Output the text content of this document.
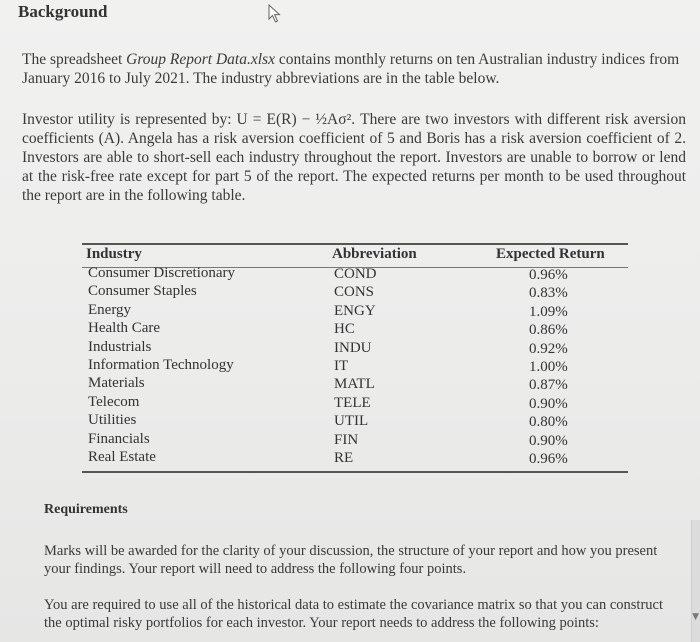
Background
The spreadsheet Group Report Data.xlsx contains monthly returns on ten Australian industry indices from January 2016 to July 2021. The industry abbreviations are in the table below.
Investor utility is represented by: U = E(R) − ½Aσ². There are two investors with different risk aversion coefficients (A). Angela has a risk aversion coefficient of 5 and Boris has a risk aversion coefficient of 2. Investors are able to short-sell each industry throughout the report. Investors are unable to borrow or lend at the risk-free rate except for part 5 of the report. The expected returns per month to be used throughout the report are in the following table.
Industry	Abbreviation	Expected Return
Consumer Discretionary	COND	0.96%
Consumer Staples	CONS	0.83%
Energy	ENGY	1.09%
Health Care	HC	0.86%
Industrials	INDU	0.92%
Information Technology	IT	1.00%
Materials	MATL	0.87%
Telecom	TELE	0.90%
Utilities	UTIL	0.80%
Financials	FIN	0.90%
Real Estate	RE	0.96%
Requirements
Marks will be awarded for the clarity of your discussion, the structure of your report and how you present your findings. Your report will need to address the following four points.
You are required to use all of the historical data to estimate the covariance matrix so that you can construct the optimal risky portfolios for each investor. Your report needs to address the following points:	▼
